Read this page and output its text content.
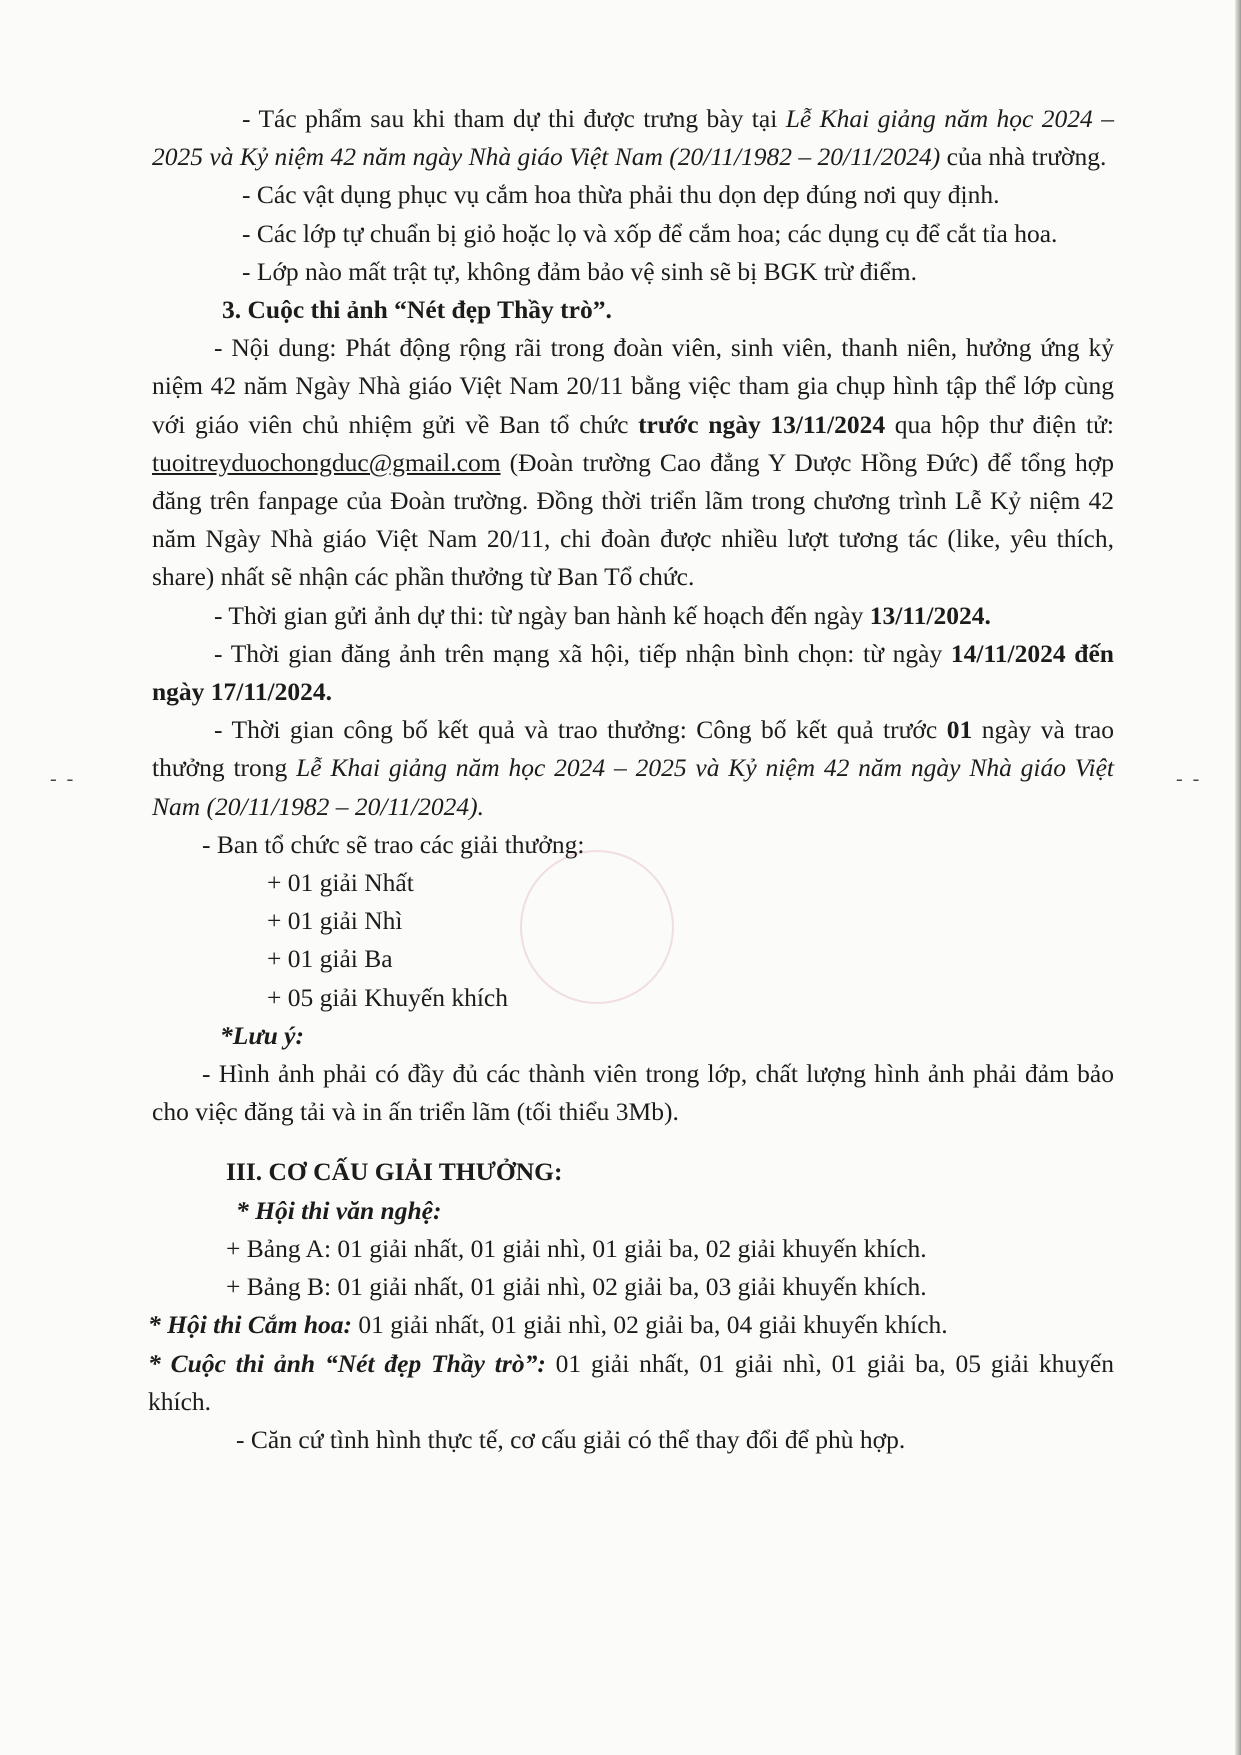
-  -	-  -

- Tác phẩm sau khi tham dự thi được trưng bày tại Lễ Khai giảng năm học 2024 – 2025 và Kỷ niệm 42 năm ngày Nhà giáo Việt Nam (20/11/1982 – 20/11/2024) của nhà trường.

- Các vật dụng phục vụ cắm hoa thừa phải thu dọn dẹp đúng nơi quy định.

- Các lớp tự chuẩn bị giỏ hoặc lọ và xốp để cắm hoa; các dụng cụ để cắt tỉa hoa.

- Lớp nào mất trật tự, không đảm bảo vệ sinh sẽ bị BGK trừ điểm.

3. Cuộc thi ảnh “Nét đẹp Thầy trò”.

- Nội dung: Phát động rộng rãi trong đoàn viên, sinh viên, thanh niên, hưởng ứng kỷ niệm 42 năm Ngày Nhà giáo Việt Nam 20/11 bằng việc tham gia chụp hình tập thể lớp cùng với giáo viên chủ nhiệm gửi về Ban tổ chức trước ngày 13/11/2024 qua hộp thư điện tử: tuoitreyduochongduc@gmail.com (Đoàn trường Cao đẳng Y Dược Hồng Đức) để tổng hợp đăng trên fanpage của Đoàn trường. Đồng thời triển lãm trong chương trình Lễ Kỷ niệm 42 năm Ngày Nhà giáo Việt Nam 20/11, chi đoàn được nhiều lượt tương tác (like, yêu thích, share) nhất sẽ nhận các phần thưởng từ Ban Tổ chức.

- Thời gian gửi ảnh dự thi: từ ngày ban hành kế hoạch đến ngày 13/11/2024.

- Thời gian đăng ảnh trên mạng xã hội, tiếp nhận bình chọn: từ ngày 14/11/2024 đến ngày 17/11/2024.

- Thời gian công bố kết quả và trao thưởng: Công bố kết quả trước 01 ngày và trao thưởng trong Lễ Khai giảng năm học 2024 – 2025 và Kỷ niệm 42 năm ngày Nhà giáo Việt Nam (20/11/1982 – 20/11/2024).

- Ban tổ chức sẽ trao các giải thưởng:

+ 01 giải Nhất
+ 01 giải Nhì
+ 01 giải Ba
+ 05 giải Khuyến khích

*Lưu ý:

- Hình ảnh phải có đầy đủ các thành viên trong lớp, chất lượng hình ảnh phải đảm bảo cho việc đăng tải và in ấn triển lãm (tối thiểu 3Mb).

III. CƠ CẤU GIẢI THƯỞNG:

* Hội thi văn nghệ:

+ Bảng A: 01 giải nhất, 01 giải nhì, 01 giải ba, 02 giải khuyến khích.

+ Bảng B: 01 giải nhất, 01 giải nhì, 02 giải ba, 03 giải khuyến khích.

* Hội thi Cắm hoa: 01 giải nhất, 01 giải nhì, 02 giải ba, 04 giải khuyến khích.

* Cuộc thi ảnh “Nét đẹp Thầy trò”: 01 giải nhất, 01 giải nhì, 01 giải ba, 05 giải khuyến khích.

- Căn cứ tình hình thực tế, cơ cấu giải có thể thay đổi để phù hợp.
